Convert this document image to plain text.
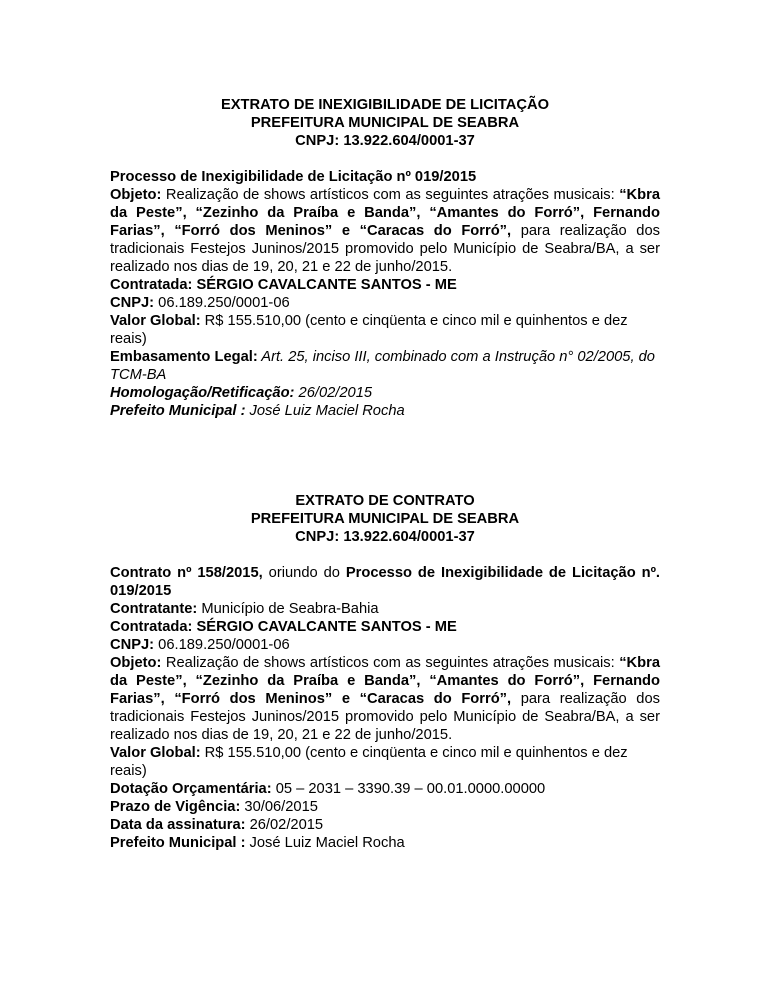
EXTRATO DE INEXIGIBILIDADE DE LICITAÇÃO
PREFEITURA MUNICIPAL DE SEABRA
CNPJ: 13.922.604/0001-37

Processo de Inexigibilidade de Licitação nº 019/2015

Objeto: Realização de shows artísticos com as seguintes atrações musicais: “Kbra da Peste”, “Zezinho da Praíba e Banda”, “Amantes do Forró”, Fernando Farias”, “Forró dos Meninos” e “Caracas do Forró”, para realização dos tradicionais Festejos Juninos/2015 promovido pelo Município de Seabra/BA, a ser realizado nos dias de 19, 20, 21 e 22 de junho/2015.

Contratada: SÉRGIO CAVALCANTE SANTOS - ME

CNPJ: 06.189.250/0001-06

Valor Global: R$ 155.510,00 (cento e cinqüenta e cinco mil e quinhentos e dez reais)

Embasamento Legal: Art. 25, inciso III, combinado com a Instrução n° 02/2005, do TCM-BA

Homologação/Retificação: 26/02/2015

Prefeito Municipal : José Luiz Maciel Rocha

EXTRATO DE CONTRATO
PREFEITURA MUNICIPAL DE SEABRA
CNPJ: 13.922.604/0001-37

Contrato nº 158/2015, oriundo do Processo de Inexigibilidade de Licitação nº. 019/2015

Contratante: Município de Seabra-Bahia

Contratada: SÉRGIO CAVALCANTE SANTOS - ME

CNPJ: 06.189.250/0001-06

Objeto: Realização de shows artísticos com as seguintes atrações musicais: “Kbra da Peste”, “Zezinho da Praíba e Banda”, “Amantes do Forró”, Fernando Farias”, “Forró dos Meninos” e “Caracas do Forró”, para realização dos tradicionais Festejos Juninos/2015 promovido pelo Município de Seabra/BA, a ser realizado nos dias de 19, 20, 21 e 22 de junho/2015.

Valor Global: R$ 155.510,00 (cento e cinqüenta e cinco mil e quinhentos e dez reais)

Dotação Orçamentária: 05 – 2031 – 3390.39 – 00.01.0000.00000

Prazo de Vigência: 30/06/2015

Data da assinatura: 26/02/2015

Prefeito Municipal : José Luiz Maciel Rocha
